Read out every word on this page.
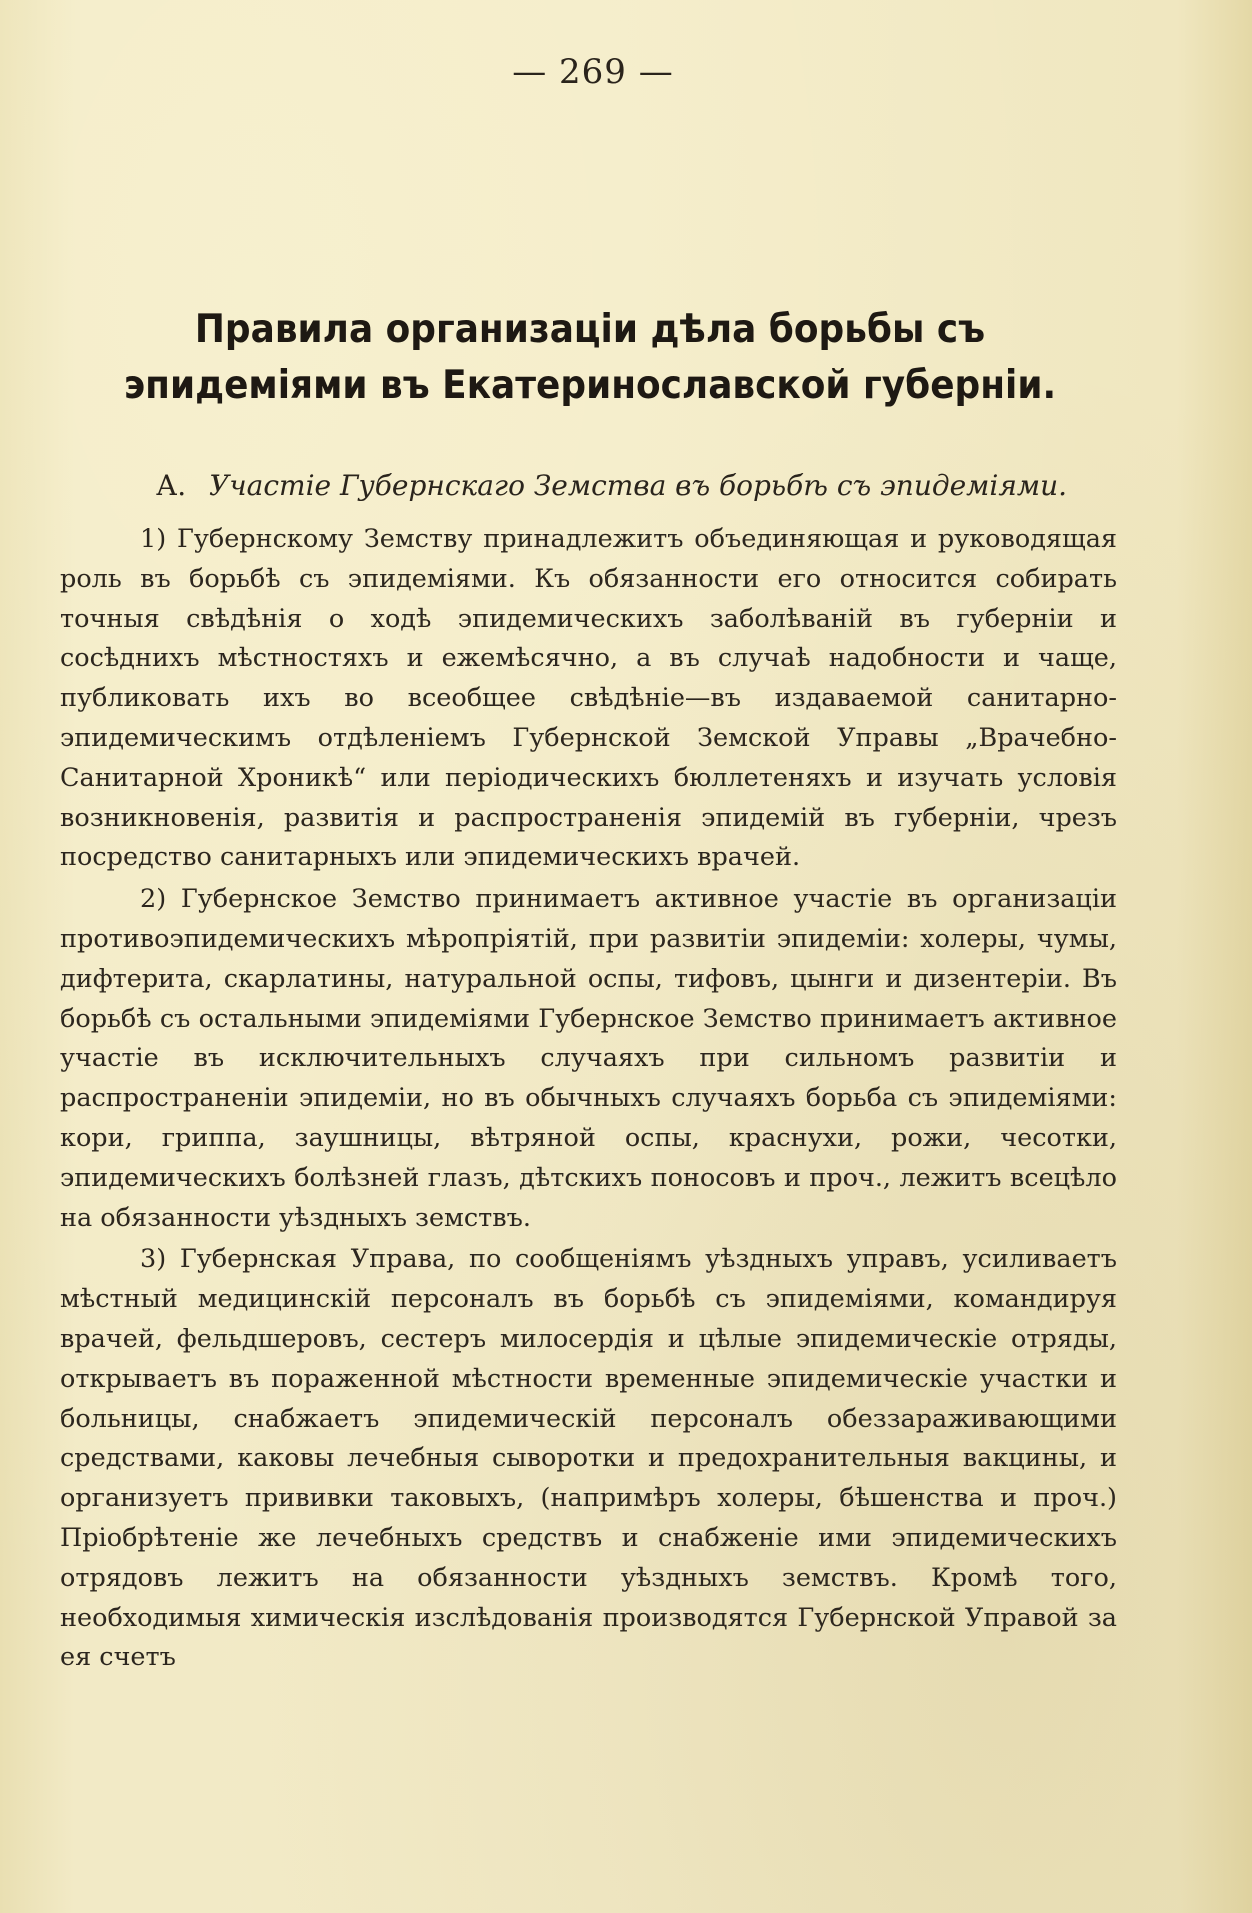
— 269 —
Правила организацiи дѣла борьбы съ эпидемiями въ Екатеринославской губернiи.
А. Участiе Губернскаго Земства въ борьбѣ съ эпидемiями.

1) Губернскому Земству принадлежитъ объединяющая и руководящая роль въ борьбѣ съ эпидемiями. Къ обязанности его относится собирать точныя свѣдѣнiя о ходѣ эпидемическихъ заболѣванiй въ губернiи и сосѣднихъ мѣстностяхъ и ежемѣсячно, а въ случаѣ надобности и чаще, публиковать ихъ во всеобщее свѣдѣнiе—въ издаваемой санитарно-эпидемическимъ отдѣленiемъ Губернской Земской Управы „Врачебно-Санитарной Хроникѣ“ или перiодическихъ бюллетеняхъ и изучать условiя возникновенiя, развитiя и распространенiя эпидемiй въ губернiи, чрезъ посредство санитарныхъ или эпидемическихъ врачей.

2) Губернское Земство принимаетъ активное участiе въ организацiи противоэпидемическихъ мѣропрiятiй, при развитiи эпидемiи: холеры, чумы, дифтерита, скарлатины, натуральной оспы, тифовъ, цынги и дизентерiи. Въ борьбѣ съ остальными эпидемiями Губернское Земство принимаетъ активное участiе въ исключительныхъ случаяхъ при сильномъ развитiи и распространенiи эпидемiи, но въ обычныхъ случаяхъ борьба съ эпидемiями: кори, гриппа, заушницы, вѣтряной оспы, краснухи, рожи, чесотки, эпидемическихъ болѣзней глазъ, дѣтскихъ поносовъ и проч., лежитъ всецѣло на обязанности уѣздныхъ земствъ.

3) Губернская Управа, по сообщенiямъ уѣздныхъ управъ, усиливаетъ мѣстный медицинскiй персоналъ въ борьбѣ съ эпидемiями, командируя врачей, фельдшеровъ, сестеръ милосердiя и цѣлые эпидемическiе отряды, открываетъ въ пораженной мѣстности временные эпидемическiе участки и больницы, снабжаетъ эпидемическiй персоналъ обеззараживающими средствами, каковы лечебныя сыворотки и предохранительныя вакцины, и организуетъ прививки таковыхъ, (напримѣръ холеры, бѣшенства и проч.) Прiобрѣтенiе же лечебныхъ средствъ и снабженiе ими эпидемическихъ отрядовъ лежитъ на обязанности уѣздныхъ земствъ. Кромѣ того, необходимыя химическiя изслѣдованiя производятся Губернской Управой за ея счетъ
